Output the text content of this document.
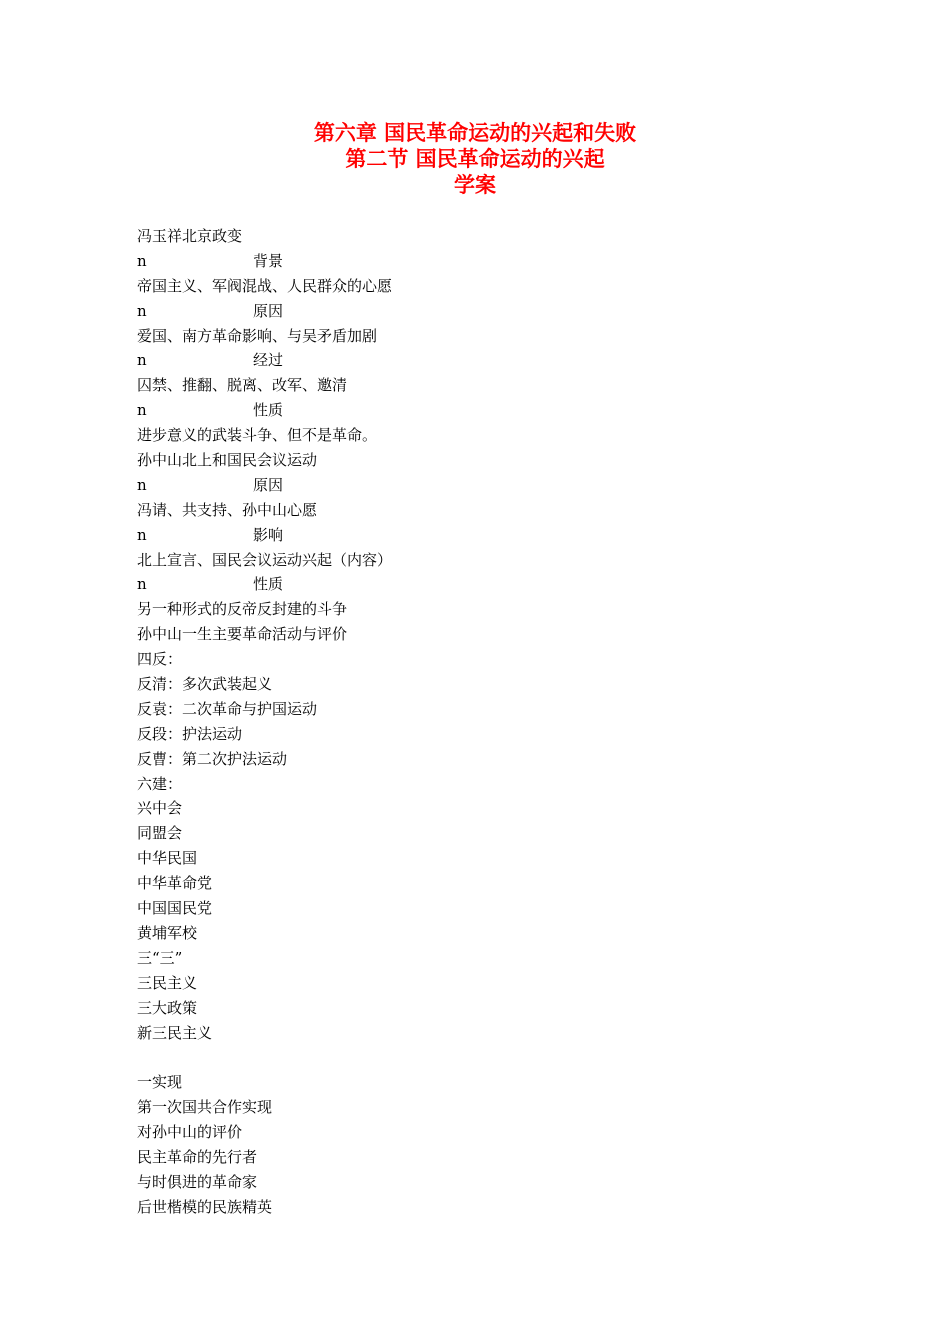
第六章 国民革命运动的兴起和失败

第二节 国民革命运动的兴起

学案

冯玉祥北京政变
n	背景
帝国主义、军阀混战、人民群众的心愿
n	原因
爱国、南方革命影响、与吴矛盾加剧
n	经过
囚禁、推翻、脱离、改军、邀清
n	性质
进步意义的武装斗争、但不是革命。
孙中山北上和国民会议运动
n	原因
冯请、共支持、孙中山心愿
n	影响
北上宣言、国民会议运动兴起（内容）
n	性质
另一种形式的反帝反封建的斗争
孙中山一生主要革命活动与评价
四反：
反清：多次武装起义
反袁：二次革命与护国运动
反段：护法运动
反曹：第二次护法运动
六建：
兴中会
同盟会
中华民国
中华革命党
中国国民党
黄埔军校
三“三”
三民主义
三大政策
新三民主义
一实现
第一次国共合作实现
对孙中山的评价
民主革命的先行者
与时俱进的革命家
后世楷模的民族精英
